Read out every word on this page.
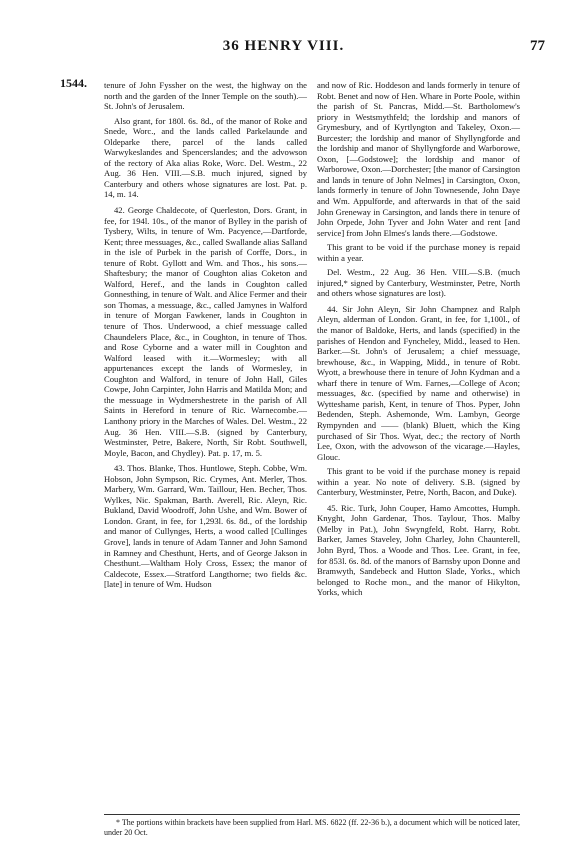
36 HENRY VIII.	77
1544. tenure of John Fyssher on the west, the highway on the north and the garden of the Inner Temple on the south).—St. John's of Jerusalem.

Also grant, for 180l. 6s. 8d., of the manor of Roke and Snede, Worc., and the lands called Parkelaunde and Oldeparke there, parcel of the lands called Warwykeslandes and Spencerslandes; and the advowson of the rectory of Aka alias Roke, Worc. Del. Westm., 22 Aug. 36 Hen. VIII.—S.B. much injured, signed by Canterbury and others whose signatures are lost. Pat. p. 14, m. 14.

42. George Chaldecote, of Querleston, Dors. Grant, in fee, for 194l. 10s., of the manor of Bylley in the parish of Tysbery, Wilts, in tenure of Wm. Pacyence,—Dartforde, Kent; three messuages, &c., called Swallande alias Salland in the isle of Purbek in the parish of Corffe, Dors., in tenure of Robt. Gyllott and Wm. and Thos., his sons.—Shaftesbury; the manor of Coughton alias Coketon and Walford, Heref., and the lands in Coughton called Gonnesthing, in tenure of Walt. and Alice Fermer and their son Thomas, a messuage, &c., called Jamynes in Walford in tenure of Morgan Fawkener, lands in Coughton in tenure of Thos. Underwood, a chief messuage called Chaundelers Place, &c., in Coughton, in tenure of Thos. and Rose Cyborne and a water mill in Coughton and Walford leased with it.—Wormesley; with all appurtenances except the lands of Wormesley, in Coughton and Walford, in tenure of John Hall, Giles Cowpe, John Carpinter, John Harris and Matilda Mon; and the messuage in Wydmershestrete in the parish of All Saints in Hereford in tenure of Ric. Warnecombe.—Lanthony priory in the Marches of Wales. Del. Westm., 22 Aug. 36 Hen. VIII.—S.B. (signed by Canterbury, Westminster, Petre, Bakere, North, Sir Robt. Southwell, Moyle, Bacon, and Chydley). Pat. p. 17, m. 5.

43. Thos. Blanke, Thos. Huntlowe, Steph. Cobbe, Wm. Hobson, John Sympson, Ric. Crymes, Ant. Merler, Thos. Marbery, Wm. Garrard, Wm. Taillour, Hen. Becher, Thos. Wylkes, Nic. Spakman, Barth. Averell, Ric. Aleyn, Ric. Bukland, David Woodroff, John Ushe, and Wm. Bower of London. Grant, in fee, for 1,293l. 6s. 8d., of the lordship and manor of Cullynges, Herts, a wood called [Cullinges Grove], lands in tenure of Adam Tanner and John Samond in Ramney and Chesthunt, Herts, and of George Jakson in Chesthunt.—Waltham Holy Cross, Essex; the manor of Caldecote, Essex.—Stratford Langthorne; two fields &c. [late] in tenure of Wm. Hudson

and now of Ric. Hoddeson and lands formerly in tenure of Robt. Benet and now of Hen. Whare in Porte Poole, within the parish of St. Pancras, Midd.—St. Bartholomew's priory in Westsmythfeld; the lordship and manors of Grymesbury, and of Kyrtlyngton and Takeley, Oxon.—Burcester; the lordship and manor of Shyllyngforde and the lordship and manor of Shyllyngforde and Warborowe, Oxon, [—Godstowe]; the lordship and manor of Warborowe, Oxon.—Dorchester; [the manor of Carsington and lands in tenure of John Nelmes] in Carsington, Oxon, lands formerly in tenure of John Townesende, John Daye and Wm. Appulforde, and afterwards in that of the said John Greneway in Carsington, and lands there in tenure of John Orpede, John Tyver and John Water and rent [and service] from John Elmes's lands there.—Godstowe.

This grant to be void if the purchase money is repaid within a year.

Del. Westm., 22 Aug. 36 Hen. VIII.—S.B. (much injured,* signed by Canterbury, Westminster, Petre, North and others whose signatures are lost).

44. Sir John Aleyn, Sir John Champnez and Ralph Aleyn, alderman of London. Grant, in fee, for 1,100l., of the manor of Baldoke, Herts, and lands (specified) in the parishes of Hendon and Fyncheley, Midd., leased to Hen. Barker.—St. John's of Jerusalem; a chief messuage, brewhouse, &c., in Wapping, Midd., in tenure of Robt. Wyott, a brewhouse there in tenure of John Kydman and a wharf there in tenure of Wm. Farnes,—College of Acon; messuages, &c. (specified by name and otherwise) in Wytteshame parish, Kent, in tenure of Thos. Pyper, John Bedenden, Steph. Ashemonde, Wm. Lambyn, George Rympynden and —— (blank) Bluett, which the King purchased of Sir Thos. Wyat, dec.; the rectory of North Lee, Oxon, with the advowson of the vicarage.—Hayles, Glouc.

This grant to be void if the purchase money is repaid within a year. No note of delivery. S.B. (signed by Canterbury, Westminster, Petre, North, Bacon, and Duke).

45. Ric. Turk, John Couper, Hamo Amcottes, Humph. Knyght, John Gardenar, Thos. Taylour, Thos. Malby (Melby in Pat.), John Swyngfeld, Robt. Harry, Robt. Barker, James Staveley, John Charley, John Chaunterell, John Byrd, Thos. a Woode and Thos. Lee. Grant, in fee, for 853l. 6s. 8d. of the manors of Barnsby upon Donne and Bramwyth, Sandebeck and Hutton Slade, Yorks., which belonged to Roche mon., and the manor of Hikylton, Yorks, which

* The portions within brackets have been supplied from Harl. MS. 6822 (ff. 22-36 b.), a document which will be noticed later, under 20 Oct.
